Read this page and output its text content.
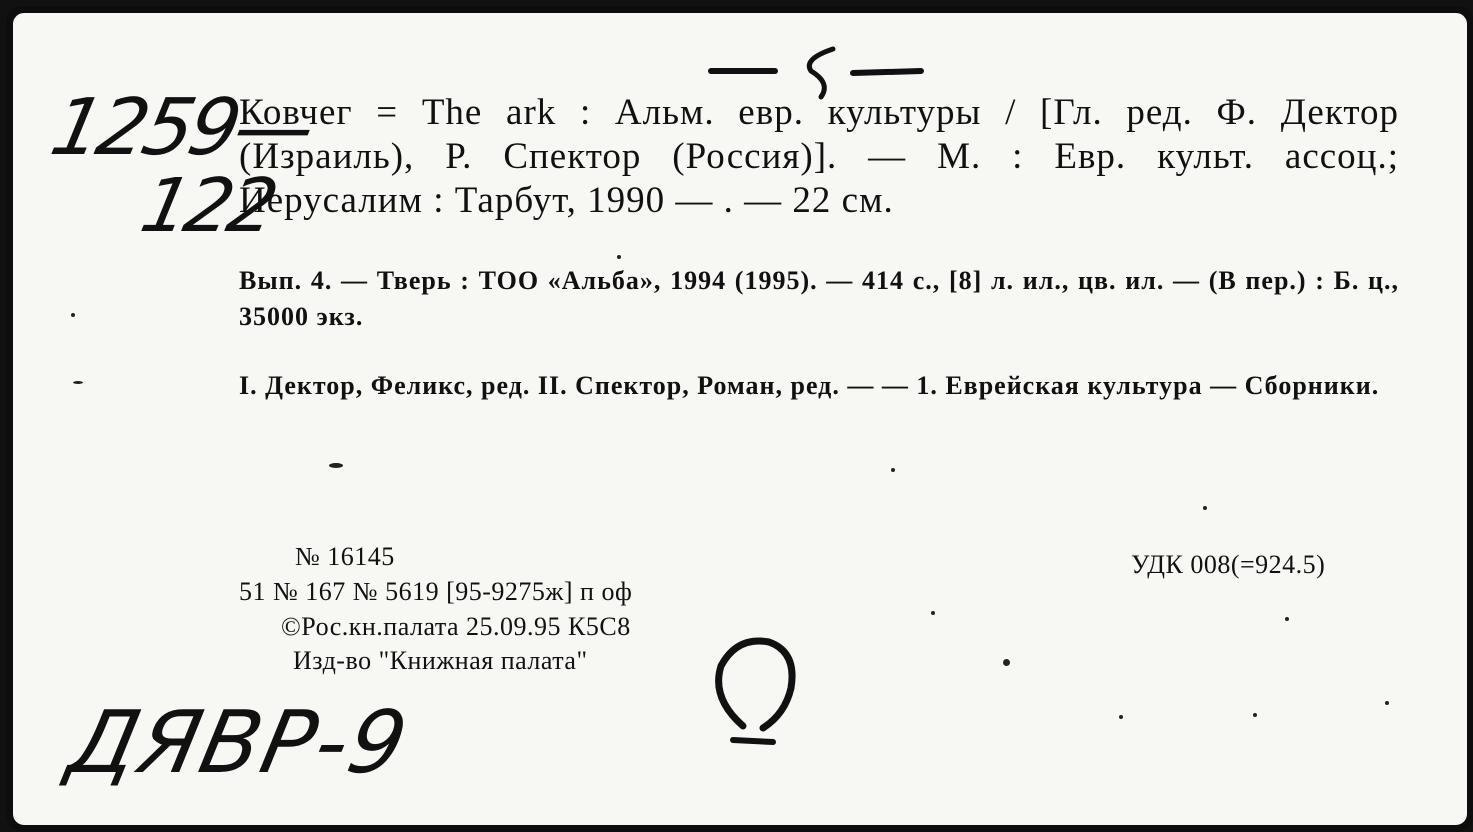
1259—
122
Ковчег = The ark : Альм. евр. культуры / [Гл. ред. Ф. Дектор (Израиль), Р. Спектор (Россия)]. — М. : Евр. культ. ассоц.; Иерусалим : Тарбут, 1990 — . — 22 см.
Вып. 4. — Тверь : ТОО «Альба», 1994 (1995). — 414 с., [8] л. ил., цв. ил. — (В пер.) : Б. ц., 35000 экз.
I. Дектор, Феликс, ред. II. Спектор, Роман, ред. — — 1. Еврейская культура — Сборники.
№ 16145
51 № 167 № 5619 [95-9275ж] п оф
©Рос.кн.палата 25.09.95 К5С8
Изд-во "Книжная палата"
УДК 008(=924.5)
ДЯВР-9
